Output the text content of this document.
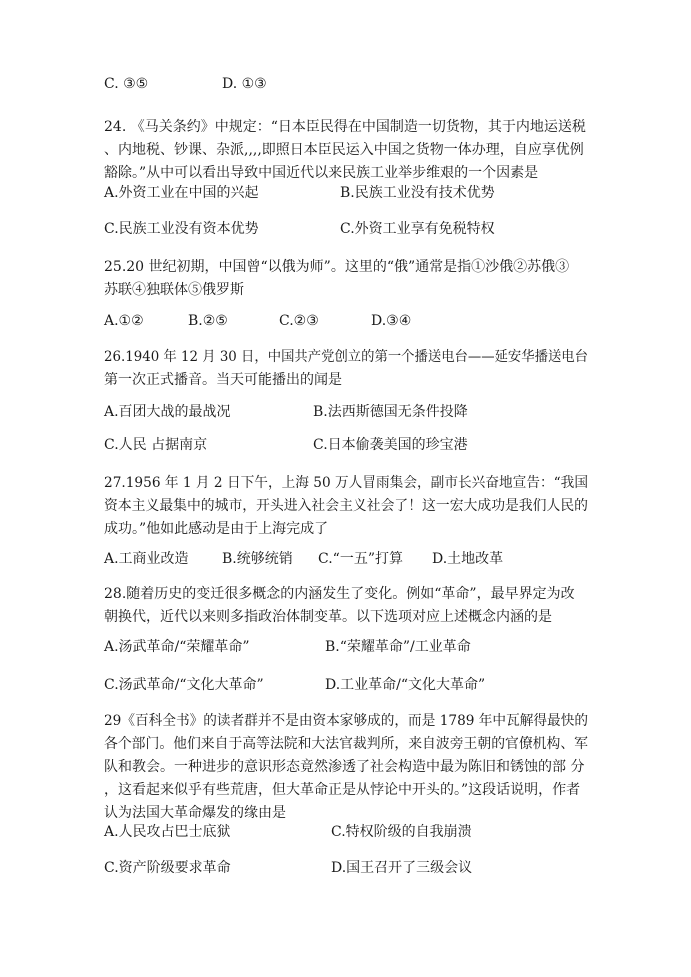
C. ③⑤	D. ①③
24. 《马关条约》中规定：“日本臣民得在中国制造一切货物，其于内地运送税
、内地税、钞课、杂派,,,,即照日本臣民运入中国之货物一体办理，自应享优例
豁除。”从中可以看出导致中国近代以来民族工业举步维艰的一个因素是
A.外资工业在中国的兴起	B.民族工业没有技术优势
C.民族工业没有资本优势	C.外资工业享有免税特权
25.20 世纪初期，中国曾“以俄为师”。这里的“俄”通常是指①沙俄②苏俄③
苏联④独联体⑤俄罗斯
A.①②	B.②⑤	C.②③	D.③④
26.1940 年 12 月 30 日，中国共产党创立的第一个播送电台——延安华播送电台
第一次正式播音。当天可能播出的闻是
A.百团大战的最战况	B.法西斯德国无条件投降
C.人民 占据南京	C.日本偷袭美国的珍宝港
27.1956 年 1 月 2 日下午，上海 50 万人冒雨集会，副市长兴奋地宣告：“我国
资本主义最集中的城市，开头进入社会主义社会了！这一宏大成功是我们人民的
成功。”他如此感动是由于上海完成了
A.工商业改造 B.统够统销 C.“一五”打算 D.土地改革
28.随着历史的变迁很多概念的内涵发生了变化。例如“革命”，最早界定为改
朝换代，近代以来则多指政治体制变革。以下选项对应上述概念内涵的是
A.汤武革命/“荣耀革命”	B.“荣耀革命”/工业革命
C.汤武革命/“文化大革命”	D.工业革命/“文化大革命”
29《百科全书》的读者群并不是由资本家够成的，而是 1789 年中瓦解得最快的
各个部门。他们来自于高等法院和大法官裁判所，来自波旁王朝的官僚机构、军
队和教会。一种进步的意识形态竟然渗透了社会构造中最为陈旧和锈蚀的部 分
，这看起来似乎有些荒唐，但大革命正是从悖论中开头的。”这段话说明，作者
认为法国大革命爆发的缘由是
A.人民攻占巴士底狱	C.特权阶级的自我崩溃
C.资产阶级要求革命	D.国王召开了三级会议
